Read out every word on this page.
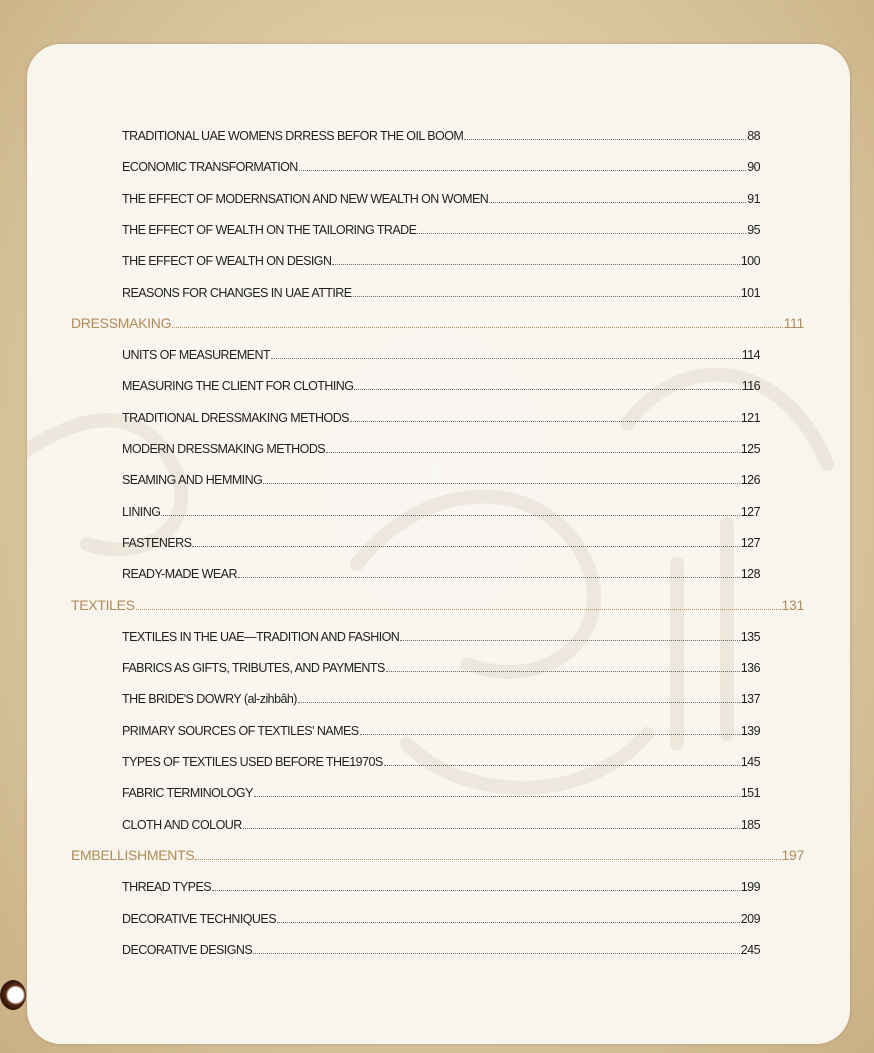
TRADITIONAL UAE WOMENS DRRESS BEFOR THE OIL BOOM	88
ECONOMIC TRANSFORMATION	90
THE EFFECT OF MODERNSATION AND NEW WEALTH ON WOMEN	91
THE EFFECT OF WEALTH ON THE TAILORING TRADE	95
THE EFFECT OF WEALTH ON DESIGN	100
REASONS FOR CHANGES IN UAE ATTIRE	101
DRESSMAKING	111
UNITS OF MEASUREMENT	114
MEASURING THE CLIENT FOR CLOTHING	116
TRADITIONAL DRESSMAKING METHODS	121
MODERN DRESSMAKING METHODS	125
SEAMING AND HEMMING	126
LINING	127
FASTENERS	127
READY-MADE WEAR	128
TEXTILES	131
TEXTILES IN THE UAE—TRADITION AND FASHION	135
FABRICS AS GIFTS, TRIBUTES, AND PAYMENTS	136
THE BRIDE'S DOWRY (al-zihbâh)	137
PRIMARY SOURCES OF TEXTILES' NAMES	139
TYPES OF TEXTILES USED BEFORE THE1970S	145
FABRIC TERMINOLOGY	151
CLOTH AND COLOUR	185
EMBELLISHMENTS	197
THREAD TYPES	199
DECORATIVE TECHNIQUES	209
DECORATIVE DESIGNS	245
